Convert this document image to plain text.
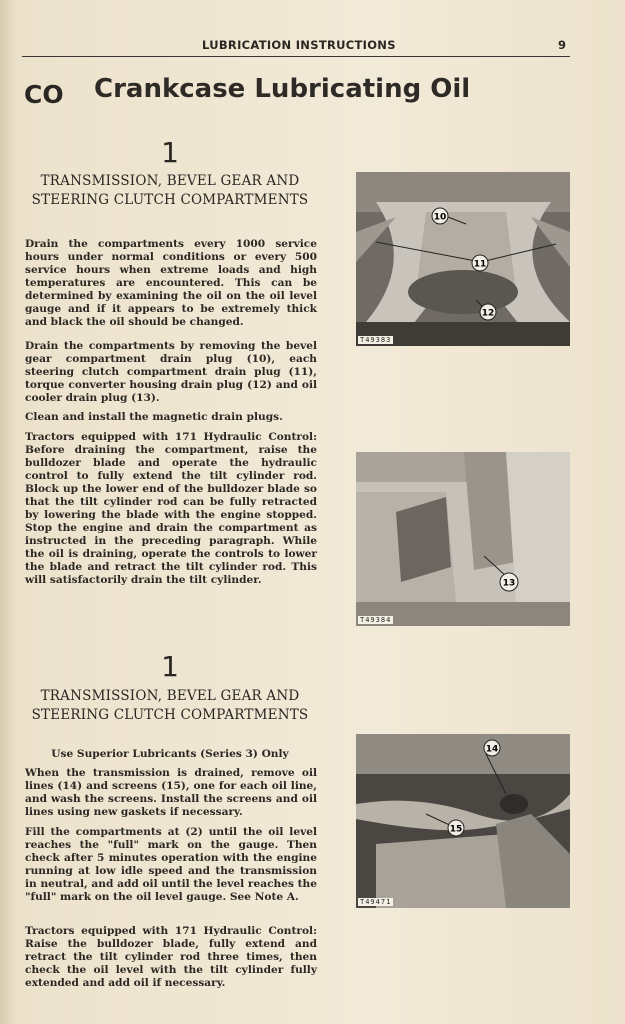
LUBRICATION INSTRUCTIONS	9
CO Crankcase Lubricating Oil
1
TRANSMISSION, BEVEL GEAR AND STEERING CLUTCH COMPARTMENTS

Drain the compartments every 1000 service hours under normal conditions or every 500 service hours when extreme loads and high temperatures are encountered. This can be determined by examining the oil on the oil level gauge and if it appears to be extremely thick and black the oil should be changed.

Drain the compartments by removing the bevel gear compartment drain plug (10), each steering clutch compartment drain plug (11), torque converter housing drain plug (12) and oil cooler drain plug (13).

Clean and install the magnetic drain plugs.

Tractors equipped with 171 Hydraulic Control: Before draining the compartment, raise the bulldozer blade and operate the hydraulic control to fully extend the tilt cylinder rod. Block up the lower end of the bulldozer blade so that the tilt cylinder rod can be fully retracted by lowering the blade with the engine stopped. Stop the engine and drain the compartment as instructed in the preceding paragraph. While the oil is draining, operate the controls to lower the blade and retract the tilt cylinder rod. This will satisfactorily drain the tilt cylinder.

10
11
12
T49383
13
T49384
1
TRANSMISSION, BEVEL GEAR AND STEERING CLUTCH COMPARTMENTS
Use Superior Lubricants (Series 3) Only

When the transmission is drained, remove oil lines (14) and screens (15), one for each oil line, and wash the screens. Install the screens and oil lines using new gaskets if necessary.

Fill the compartments at (2) until the oil level reaches the "full" mark on the gauge. Then check after 5 minutes operation with the engine running at low idle speed and the transmission in neutral, and add oil until the level reaches the "full" mark on the oil level gauge. See Note A.

Tractors equipped with 171 Hydraulic Control: Raise the bulldozer blade, fully extend and retract the tilt cylinder rod three times, then check the oil level with the tilt cylinder fully extended and add oil if necessary.

14
15
T49471
